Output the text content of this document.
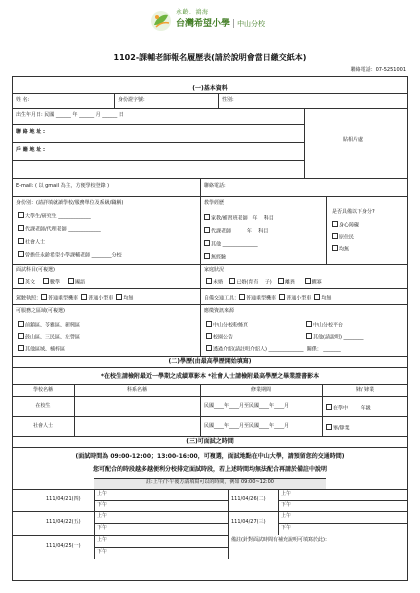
永齡．鴻海
台灣希望小學 | 中山分校
1102-課輔老師報名履歷表(請於說明會當日繳交紙本)
聯絡電話：07-5251001
(一)基本資料
姓 名:	身份證字號:	性別:
出生年月日: 民國 ______ 年 ______ 月 ______ 日
貼相片處
聯 絡 地 址 :
戶 籍 地 址 :
E-mail: ( 以 gmail 為主，方便學校登錄 )	聯絡電話:
身份別：(請詳填就讀學校/服務單位及系級/職稱)
大學生/研究生 _____________
代課老師/代理老師 _____________
社會人士
曾擔任永齡希望小學課輔老師 ________分校
教學經歷
家教/補習班老師 年 科目
代課老師	年 科目
其他 ______________
無經驗
是否具備以下身分?
身心障礙
原住民
均無
面試科目(可複選)
英文	數學	國語
家庭狀況
未婚	已婚(育有 子)	離異	鰥寡
駕駛執照： 普通重型機車 普通小型車 均無	自備交通工具： 普通重型機車 普通小型車 均無
可服務之區域(可複選)
前鎮區、苓雅區、新興區
鼓山區、三民區、左營區
其他區域、楠梓區
應徵資訊來源
中山分校粉絲頁	中山分校平台
校園公告	其他(請說明) ________
透過介紹(請註明介紹人) ______________  關係： _______
(二)學歷(由最高學歷開始填寫)
*在校生請檢附最近一學期之成績單影本 *社會人士請檢附最高學歷之畢業證書影本
學校名稱	科系名稱	修業期間	肄/ 肄業
在校生	民國____年____月至民國____年____月	在學中	年級
社會人士	民國____年____月至民國____年____月	畢/肄業
(三)可面試之時間
(面試時間為 09:00-12:00；13:00-16:00，可複選，面試地點在中山大學，請預留您的交通時間)
您可配合的時段越多越便利分校排定面試時段，若上述時間均無法配合再請於備註中說明
註:上午/下午後方請填寫可以的時間，例如 09:00~12:00
111/04/21(四)
上午
下午
111/04/22(五)
上午
下午
111/04/25(一)
上午
下午
111/04/26(二)
上午
下午
111/04/27(三)
上午
下午
備註(針對面試時間有補充說明可填寫於此)：
